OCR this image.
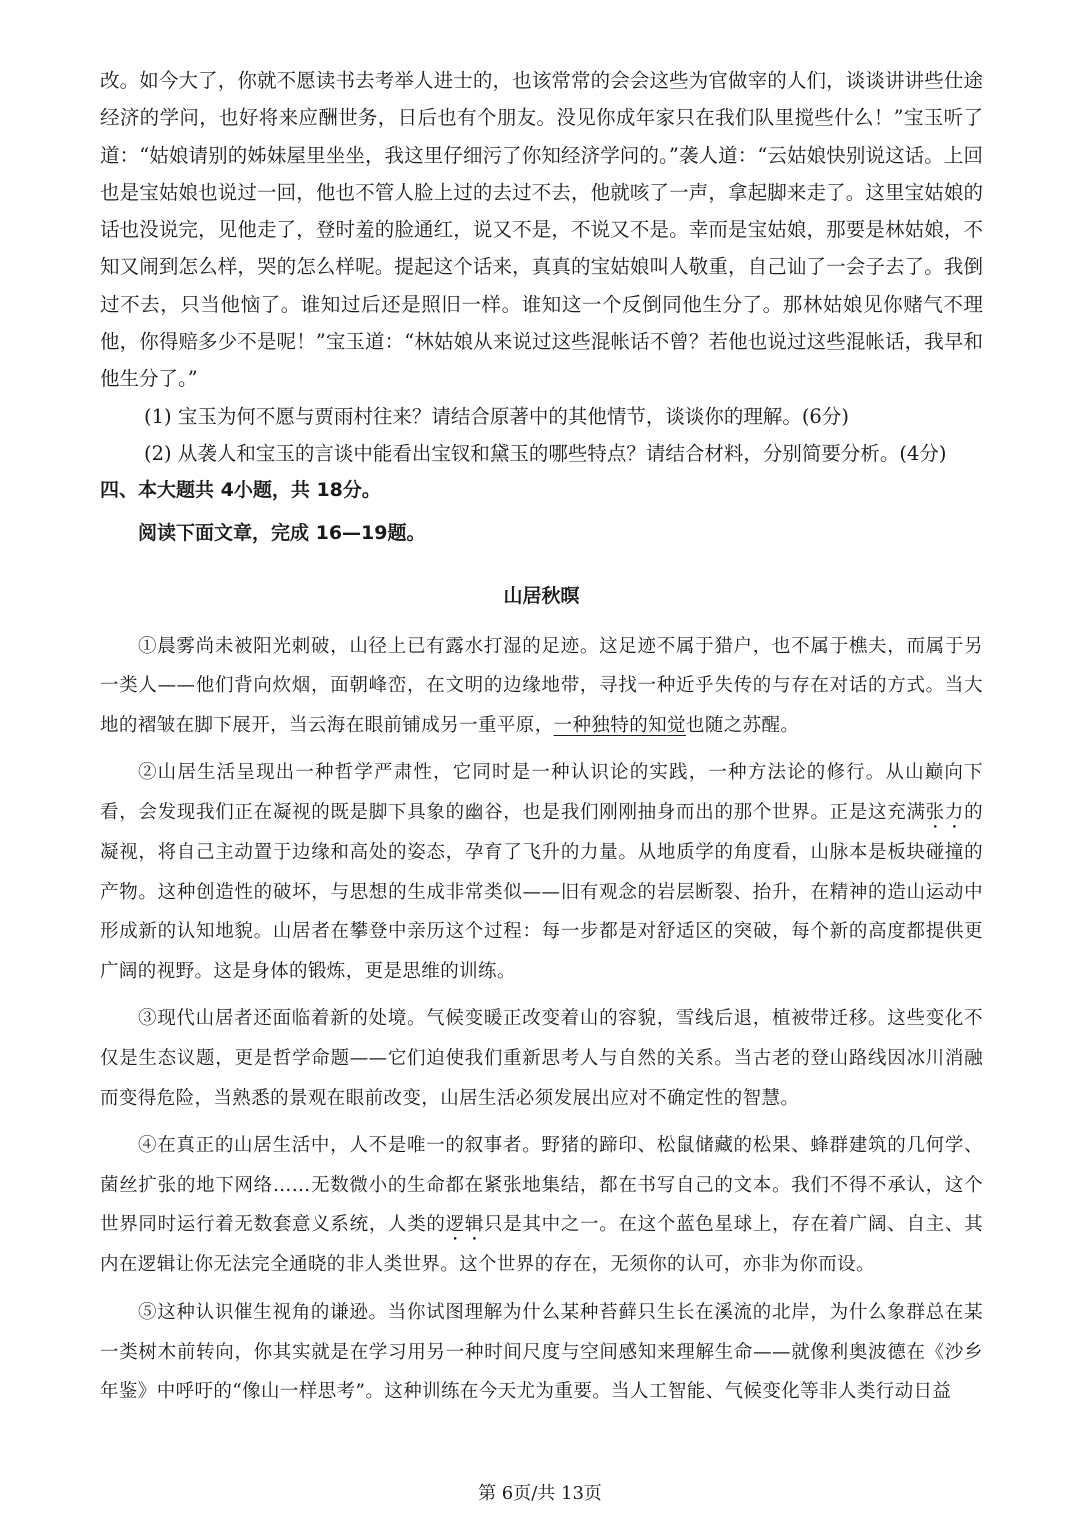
改。如今大了，你就不愿读书去考举人进士的，也该常常的会会这些为官做宰的人们，谈谈讲讲些仕途经济的学问，也好将来应酬世务，日后也有个朋友。没见你成年家只在我们队里搅些什么！”宝玉听了道：“姑娘请别的姊妹屋里坐坐，我这里仔细污了你知经济学问的。”袭人道：“云姑娘快别说这话。上回也是宝姑娘也说过一回，他也不管人脸上过的去过不去，他就咳了一声，拿起脚来走了。这里宝姑娘的话也没说完，见他走了，登时羞的脸通红，说又不是，不说又不是。幸而是宝姑娘，那要是林姑娘，不知又闹到怎么样，哭的怎么样呢。提起这个话来，真真的宝姑娘叫人敬重，自己讪了一会子去了。我倒过不去，只当他恼了。谁知过后还是照旧一样。谁知这一个反倒同他生分了。那林姑娘见你赌气不理他，你得赔多少不是呢！”宝玉道：“林姑娘从来说过这些混帐话不曾？若他也说过这些混帐话，我早和他生分了。”

(1) 宝玉为何不愿与贾雨村往来？请结合原著中的其他情节，谈谈你的理解。(6分)

(2) 从袭人和宝玉的言谈中能看出宝钗和黛玉的哪些特点？请结合材料，分别简要分析。(4分)

四、本大题共 4小题，共 18分。

阅读下面文章，完成 16—19题。

山居秋暝

①晨雾尚未被阳光刺破，山径上已有露水打湿的足迹。这足迹不属于猎户，也不属于樵夫，而属于另一类人——他们背向炊烟，面朝峰峦，在文明的边缘地带，寻找一种近乎失传的与存在对话的方式。当大地的褶皱在脚下展开，当云海在眼前铺成另一重平原，一种独特的知觉也随之苏醒。

②山居生活呈现出一种哲学严肃性，它同时是一种认识论的实践，一种方法论的修行。从山巅向下看，会发现我们正在凝视的既是脚下具象的幽谷，也是我们刚刚抽身而出的那个世界。正是这充满张力的凝视，将自己主动置于边缘和高处的姿态，孕育了飞升的力量。从地质学的角度看，山脉本是板块碰撞的产物。这种创造性的破坏，与思想的生成非常类似——旧有观念的岩层断裂、抬升，在精神的造山运动中形成新的认知地貌。山居者在攀登中亲历这个过程：每一步都是对舒适区的突破，每个新的高度都提供更广阔的视野。这是身体的锻炼，更是思维的训练。

③现代山居者还面临着新的处境。气候变暖正改变着山的容貌，雪线后退，植被带迁移。这些变化不仅是生态议题，更是哲学命题——它们迫使我们重新思考人与自然的关系。当古老的登山路线因冰川消融而变得危险，当熟悉的景观在眼前改变，山居生活必须发展出应对不确定性的智慧。

④在真正的山居生活中，人不是唯一的叙事者。野猪的蹄印、松鼠储藏的松果、蜂群建筑的几何学、菌丝扩张的地下网络……无数微小的生命都在紧张地集结，都在书写自己的文本。我们不得不承认，这个世界同时运行着无数套意义系统，人类的逻辑只是其中之一。在这个蓝色星球上，存在着广阔、自主、其内在逻辑让你无法完全通晓的非人类世界。这个世界的存在，无须你的认可，亦非为你而设。

⑤这种认识催生视角的谦逊。当你试图理解为什么某种苔藓只生长在溪流的北岸，为什么象群总在某一类树木前转向，你其实就是在学习用另一种时间尺度与空间感知来理解生命——就像利奥波德在《沙乡年鉴》中呼吁的“像山一样思考”。这种训练在今天尤为重要。当人工智能、气候变化等非人类行动日益

第 6页/共 13页
